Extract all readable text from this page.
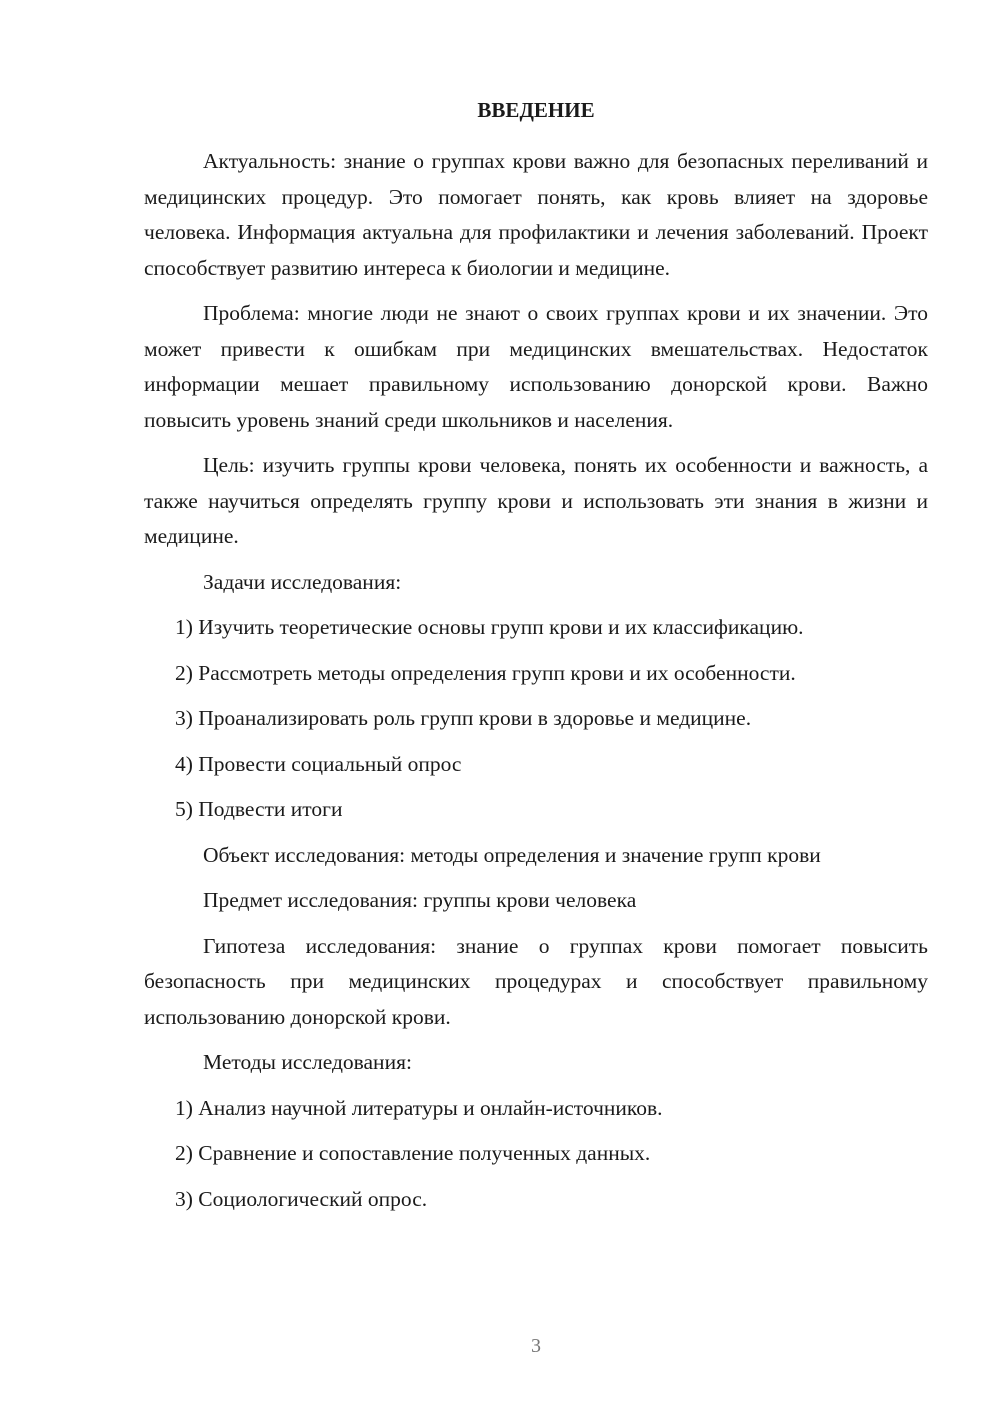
ВВЕДЕНИЕ

Актуальность: знание о группах крови важно для безопасных переливаний и медицинских процедур. Это помогает понять, как кровь влияет на здоровье человека. Информация актуальна для профилактики и лечения заболеваний. Проект способствует развитию интереса к биологии и медицине.

Проблема: многие люди не знают о своих группах крови и их значении. Это может привести к ошибкам при медицинских вмешательствах. Недостаток информации мешает правильному использованию донорской крови. Важно повысить уровень знаний среди школьников и населения.

Цель: изучить группы крови человека, понять их особенности и важность, а также научиться определять группу крови и использовать эти знания в жизни и медицине.

Задачи исследования:
1) Изучить теоретические основы групп крови и их классификацию.
2) Рассмотреть методы определения групп крови и их особенности.
3) Проанализировать роль групп крови в здоровье и медицине.
4) Провести социальный опрос
5) Подвести итоги
Объект исследования: методы определения и значение групп крови
Предмет исследования: группы крови человека

Гипотеза исследования: знание о группах крови помогает повысить безопасность при медицинских процедурах и способствует правильному использованию донорской крови.

Методы исследования:
1) Анализ научной литературы и онлайн-источников.
2) Сравнение и сопоставление полученных данных.
3) Социологический опрос.
3
